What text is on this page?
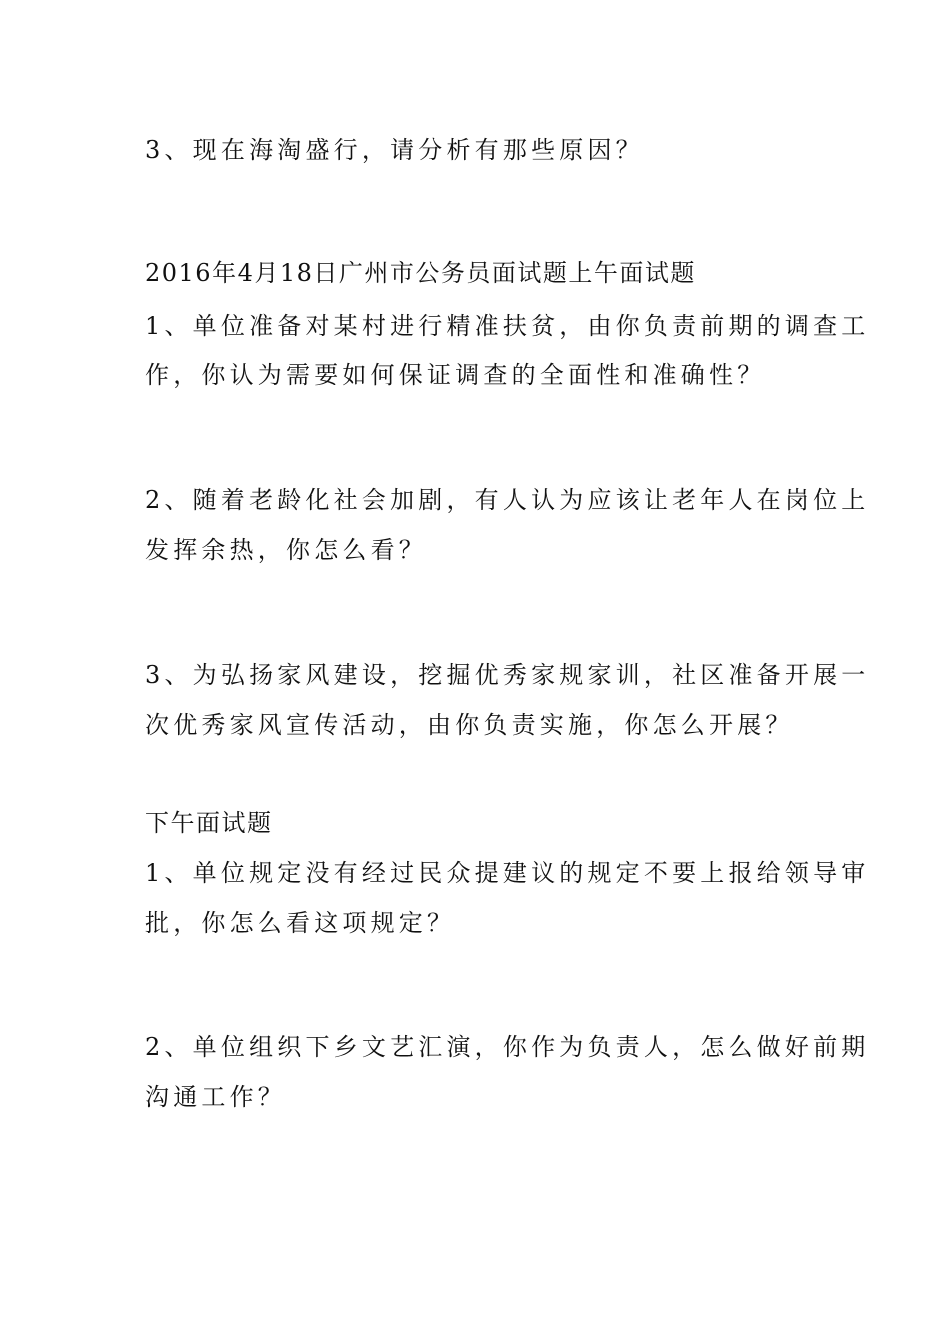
3、现在海淘盛行，请分析有那些原因？
2016年4月18日广州市公务员面试题上午面试题
1、单位准备对某村进行精准扶贫，由你负责前期的调查工
作，你认为需要如何保证调查的全面性和准确性？
2、随着老龄化社会加剧，有人认为应该让老年人在岗位上
发挥余热，你怎么看？
3、为弘扬家风建设，挖掘优秀家规家训，社区准备开展一
次优秀家风宣传活动，由你负责实施，你怎么开展？
下午面试题
1、单位规定没有经过民众提建议的规定不要上报给领导审
批，你怎么看这项规定？
2、单位组织下乡文艺汇演，你作为负责人，怎么做好前期
沟通工作？
